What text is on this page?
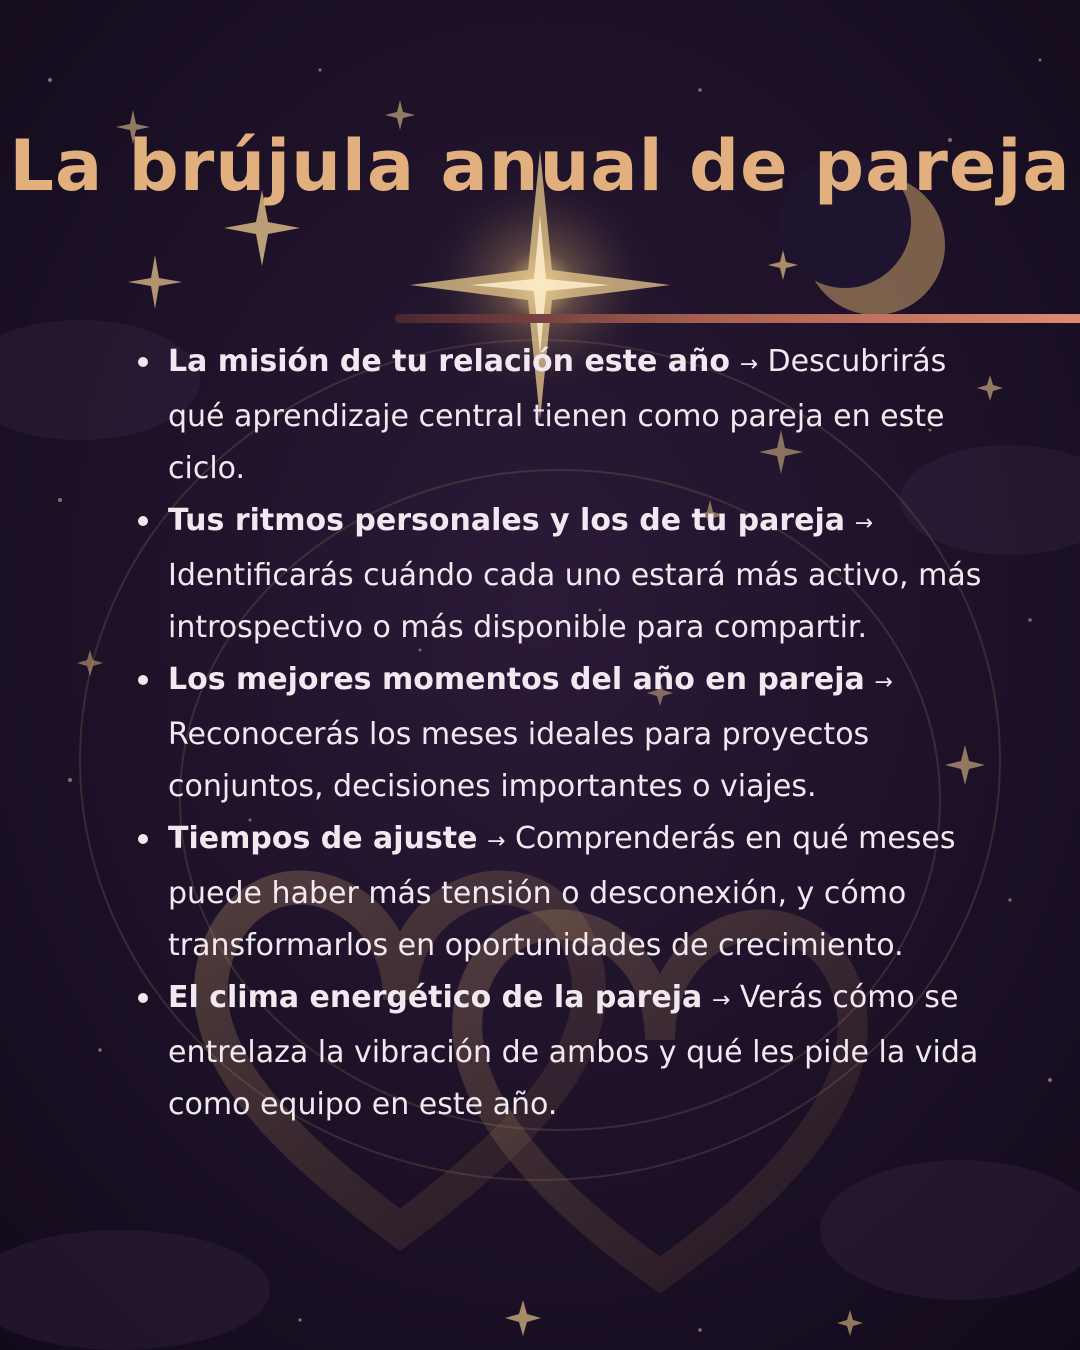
La brújula anual de pareja
La misión de tu relación este año → Descubrirás qué aprendizaje central tienen como pareja en este ciclo.
Tus ritmos personales y los de tu pareja → Identificarás cuándo cada uno estará más activo, más introspectivo o más disponible para compartir.
Los mejores momentos del año en pareja → Reconocerás los meses ideales para proyectos conjuntos, decisiones importantes o viajes.
Tiempos de ajuste → Comprenderás en qué meses puede haber más tensión o desconexión, y cómo transformarlos en oportunidades de crecimiento.
El clima energético de la pareja → Verás cómo se entrelaza la vibración de ambos y qué les pide la vida como equipo en este año.
